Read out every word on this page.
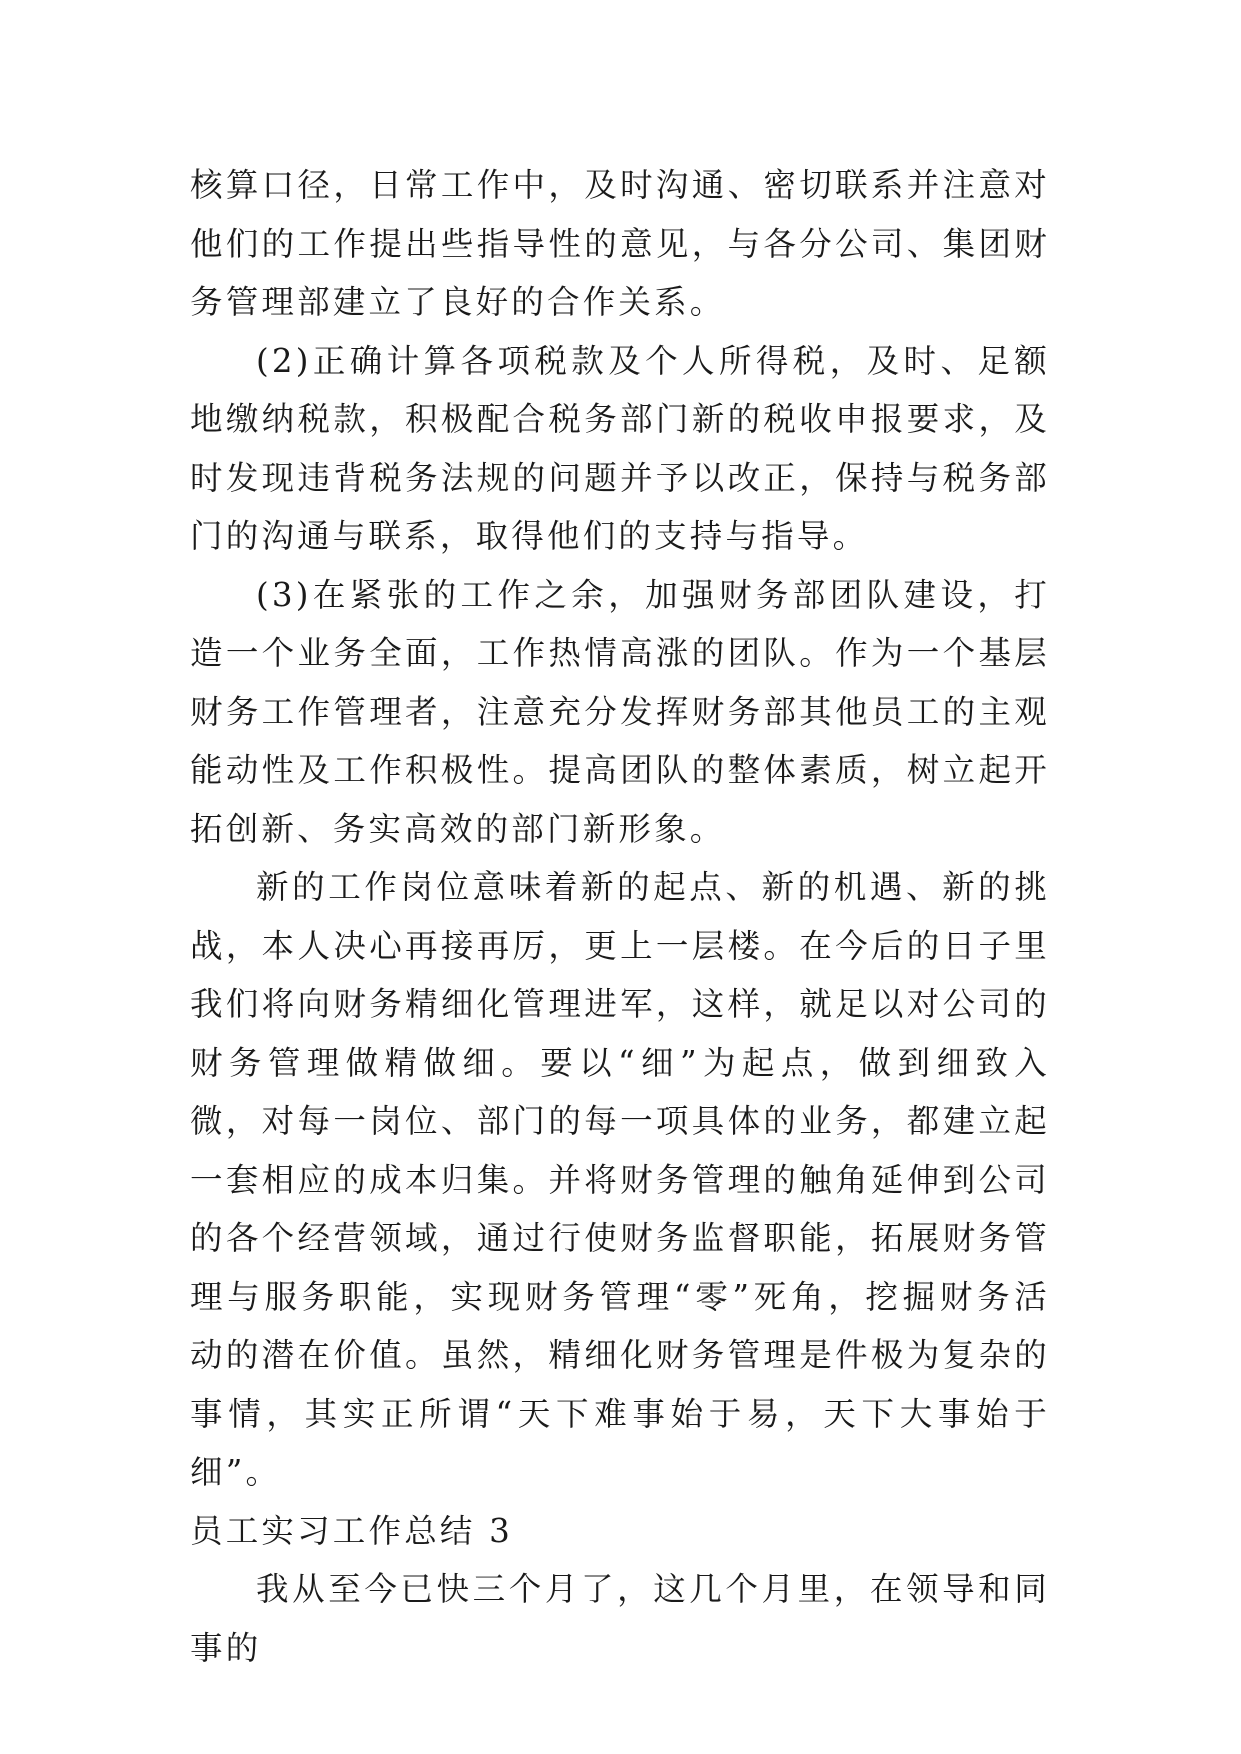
核算口径，日常工作中，及时沟通、密切联系并注意对他们的工作提出些指导性的意见，与各分公司、集团财务管理部建立了良好的合作关系。

(2)正确计算各项税款及个人所得税，及时、足额地缴纳税款，积极配合税务部门新的税收申报要求，及时发现违背税务法规的问题并予以改正，保持与税务部门的沟通与联系，取得他们的支持与指导。

(3)在紧张的工作之余，加强财务部团队建设，打造一个业务全面，工作热情高涨的团队。作为一个基层财务工作管理者，注意充分发挥财务部其他员工的主观能动性及工作积极性。提高团队的整体素质，树立起开拓创新、务实高效的部门新形象。

新的工作岗位意味着新的起点、新的机遇、新的挑战，本人决心再接再厉，更上一层楼。在今后的日子里我们将向财务精细化管理进军，这样，就足以对公司的财务管理做精做细。要以“细”为起点，做到细致入微，对每一岗位、部门的每一项具体的业务，都建立起一套相应的成本归集。并将财务管理的触角延伸到公司的各个经营领域，通过行使财务监督职能，拓展财务管理与服务职能，实现财务管理“零”死角，挖掘财务活动的潜在价值。虽然，精细化财务管理是件极为复杂的事情，其实正所谓“天下难事始于易，天下大事始于细”。

员工实习工作总结 3

我从至今已快三个月了，这几个月里，在领导和同事的
